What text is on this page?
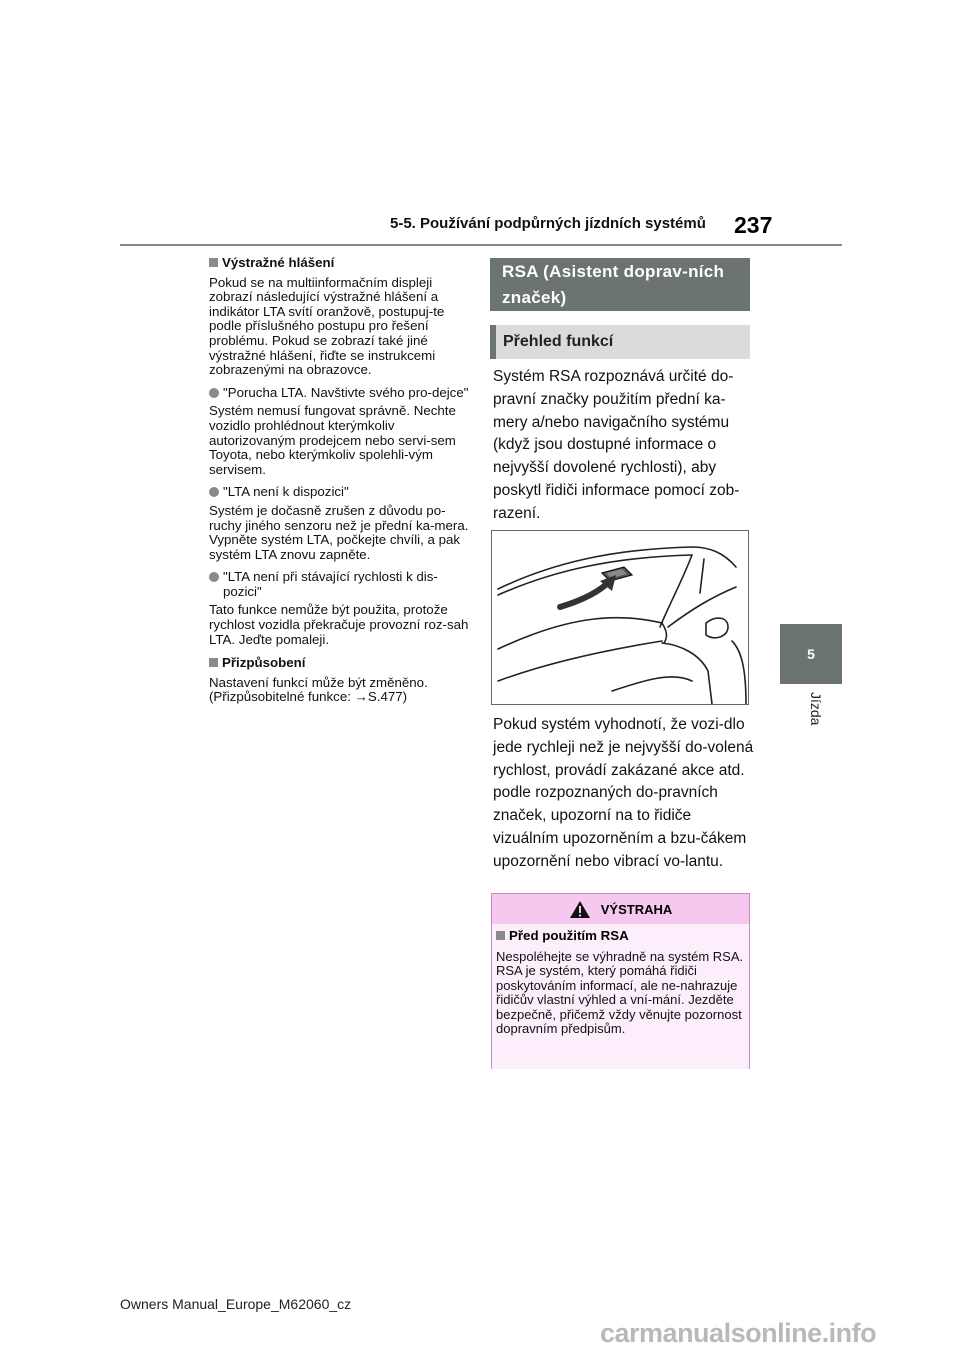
5-5. Používání podpůrných jízdních systémů 237
5
Jízda
Výstražné hlášení

Pokud se na multiinformačním displeji zobrazí následující výstražné hlášení a indikátor LTA svítí oranžově, postupuj-te podle příslušného postupu pro řešení problému. Pokud se zobrazí také jiné výstražné hlášení, řiďte se instrukcemi zobrazenými na obrazovce.

"Porucha LTA. Navštivte svého pro-dejce"

Systém nemusí fungovat správně. Nechte vozidlo prohlédnout kterýmkoliv autorizovaným prodejcem nebo servi-sem Toyota, nebo kterýmkoliv spolehli-vým servisem.

"LTA není k dispozici"

Systém je dočasně zrušen z důvodu po-ruchy jiného senzoru než je přední ka-mera. Vypněte systém LTA, počkejte chvíli, a pak systém LTA znovu zapněte.

"LTA není při stávající rychlosti k dis-pozici"

Tato funkce nemůže být použita, protože rychlost vozidla překračuje provozní roz-sah LTA. Jeďte pomaleji.

Přizpůsobení

Nastavení funkcí může být změněno. (Přizpůsobitelné funkce: →S.477)

RSA (Asistent doprav-ních značek)
Přehled funkcí

Systém RSA rozpoznává určité do-pravní značky použitím přední ka-mery a/nebo navigačního systému (když jsou dostupné informace o nejvyšší dovolené rychlosti), aby poskytl řidiči informace pomocí zob-razení.

Pokud systém vyhodnotí, že vozi-dlo jede rychleji než je nejvyšší do-volená rychlost, provádí zakázané akce atd. podle rozpoznaných do-pravních značek, upozorní na to řidiče vizuálním upozorněním a bzu-čákem upozornění nebo vibrací vo-lantu.

VÝSTRAHA
Před použitím RSA
Nespoléhejte se výhradně na systém RSA. RSA je systém, který pomáhá řidiči poskytováním informací, ale ne-nahrazuje řidičův vlastní výhled a vní-mání. Jezděte bezpečně, přičemž vždy věnujte pozornost dopravním předpisům.
Owners Manual_Europe_M62060_cz
carmanualsonline.info
